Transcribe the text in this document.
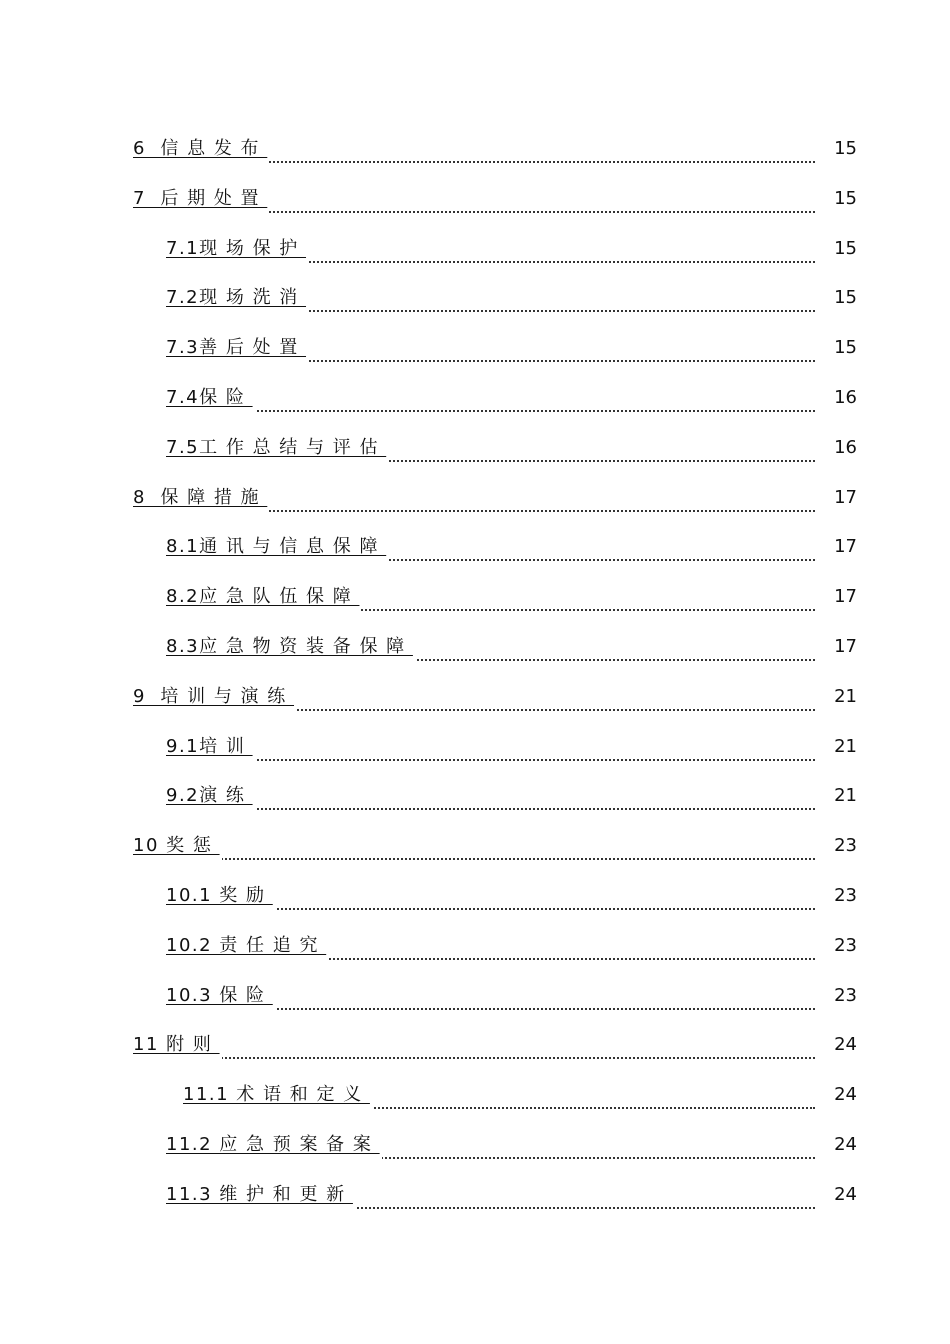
6  信 息 发 布	15
7  后 期 处 置	15
7.1现 场 保 护	15
7.2现 场 洗 消	15
7.3善 后 处 置	15
7.4保 险	16
7.5工 作 总 结 与 评 估	16
8  保 障 措 施	17
8.1通 讯 与 信 息 保 障	17
8.2应 急 队 伍 保 障	17
8.3应 急 物 资 装 备 保 障	17
9  培 训 与 演 练	21
9.1培 训	21
9.2演 练	21
10 奖 惩	23
10.1 奖 励	23
10.2 责 任 追 究	23
10.3 保 险	23
11 附 则	24
11.1 术 语 和 定 义	24
11.2 应 急 预 案 备 案	24
11.3 维 护 和 更 新	24
